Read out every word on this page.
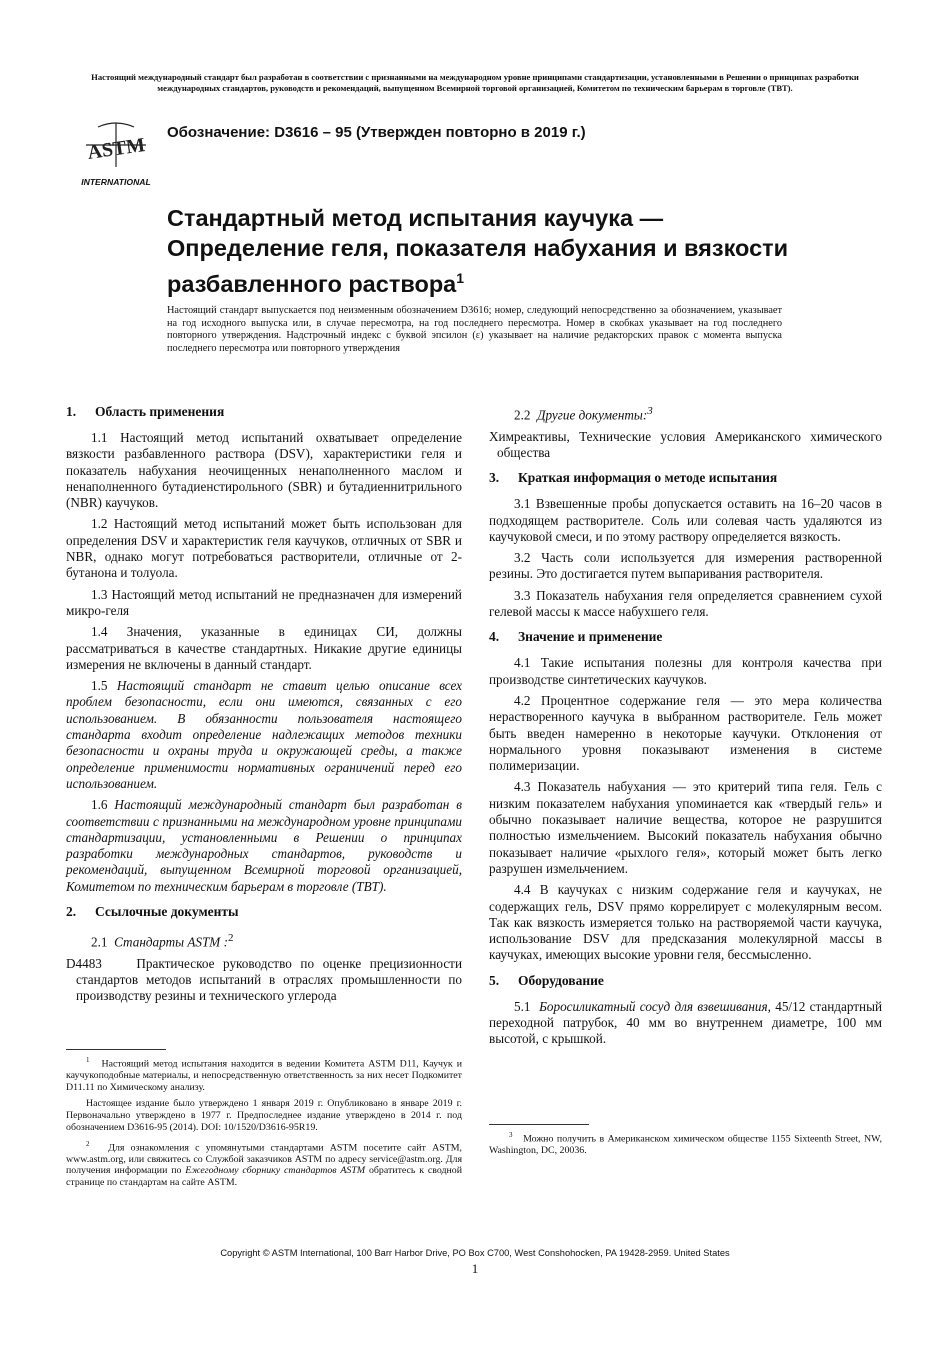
Настоящий международный стандарт был разработан в соответствии с признанными на международном уровне принципами стандартизации, установленными в Решении о принципах разработки международных стандартов, руководств и рекомендаций, выпущенном Всемирной торговой организацией, Комитетом по техническим барьерам в торговле (ТВТ).
ASTM
INTERNATIONAL
Обозначение: D3616 – 95 (Утвержден повторно в 2019 г.)
Стандартный метод испытания каучука — Определение геля, показателя набухания и вязкости разбавленного раствора$^1$
Настоящий стандарт выпускается под неизменным обозначением D3616; номер, следующий непосредственно за обозначением, указывает на год исходного выпуска или, в случае пересмотра, на год последнего пересмотра. Номер в скобках указывает на год последнего повторного утверждения. Надстрочный индекс с буквой эпсилон (ε) указывает на наличие редакторских правок с момента выпуска последнего пересмотра или повторного утверждения
1. Область применения

1.1 Настоящий метод испытаний охватывает определение вязкости разбавленного раствора (DSV), характеристики геля и показатель набухания неочищенных ненаполненного маслом и ненаполненного бутадиенстирольного (SBR) и бутадиеннитрильного (NBR) каучуков.

1.2 Настоящий метод испытаний может быть использован для определения DSV и характеристик геля каучуков, отличных от SBR и NBR, однако могут потребоваться растворители, отличные от 2-бутанона и толуола.

1.3 Настоящий метод испытаний не предназначен для измерений микро-геля

1.4 Значения, указанные в единицах СИ, должны рассматриваться в качестве стандартных. Никакие другие единицы измерения не включены в данный стандарт.

1.5 Настоящий стандарт не ставит целью описание всех проблем безопасности, если они имеются, связанных с его использованием. В обязанности пользователя настоящего стандарта входит определение надлежащих методов техники безопасности и охраны труда и окружающей среды, а также определение применимости нормативных ограничений перед его использованием.

1.6 Настоящий международный стандарт был разработан в соответствии с признанными на международном уровне принципами стандартизации, установленными в Решении о принципах разработки международных стандартов, руководств и рекомендаций, выпущенном Всемирной торговой организацией, Комитетом по техническим барьерам в торговле (TBT).

2. Ссылочные документы

2.1 Стандарты ASTM :$^2$

D4483	Практическое руководство по оценке прецизионности стандартов методов испытаний в отраслях промышленности по производству резины и технического углерода

2.2 Другие документы:$^3$

Химреактивы, Технические условия Американского химического общества

3. Краткая информация о методе испытания

3.1 Взвешенные пробы допускается оставить на 16–20 часов в подходящем растворителе. Соль или солевая часть удаляются из каучуковой смеси, и по этому раствору определяется вязкость.

3.2 Часть соли используется для измерения растворенной резины. Это достигается путем выпаривания растворителя.

3.3 Показатель набухания геля определяется сравнением сухой гелевой массы к массе набухшего геля.

4. Значение и применение

4.1 Такие испытания полезны для контроля качества при производстве синтетических каучуков.

4.2 Процентное содержание геля — это мера количества нерастворенного каучука в выбранном растворителе. Гель может быть введен намеренно в некоторые каучуки. Отклонения от нормального уровня показывают изменения в системе полимеризации.

4.3 Показатель набухания — это критерий типа геля. Гель с низким показателем набухания упоминается как «твердый гель» и обычно показывает наличие вещества, которое не разрушится полностью измельчением. Высокий показатель набухания обычно показывает наличие «рыхлого геля», который может быть легко разрушен измельчением.

4.4 В каучуках с низким содержание геля и каучуках, не содержащих гель, DSV прямо коррелирует с молекулярным весом. Так как вязкость измеряется только на растворяемой части каучука, использование DSV для предсказания молекулярной массы в каучуках, имеющих высокие уровни геля, бессмысленно.

5. Оборудование

5.1 Боросиликатный сосуд для взвешивания, 45/12 стандартный переходной патрубок, 40 мм во внутреннем диаметре, 100 мм высотой, с крышкой.

$^1$ Настоящий метод испытания находится в ведении Комитета ASTM D11, Каучук и каучукоподобные материалы, и непосредственную ответственность за них несет Подкомитет D11.11 по Химическому анализу.

Настоящее издание было утверждено 1 января 2019 г. Опубликовано в январе 2019 г. Первоначально утверждено в 1977 г. Предпоследнее издание утверждено в 2014 г. под обозначением D3616-95 (2014). DOI: 10/1520/D3616-95R19.

$^2$ Для ознакомления с упомянутыми стандартами ASTM посетите сайт ASTM, www.astm.org, или свяжитесь со Службой заказчиков ASTM по адресу service@astm.org. Для получения информации по Ежегодному сборнику стандартов ASTM обратитесь к сводной странице по стандартам на сайте ASTM.

$^3$ Можно получить в Американском химическом обществе 1155 Sixteenth Street, NW, Washington, DC, 20036.

Copyright © ASTM International, 100 Barr Harbor Drive, PO Box C700, West Conshohocken, PA 19428-2959. United States
1
